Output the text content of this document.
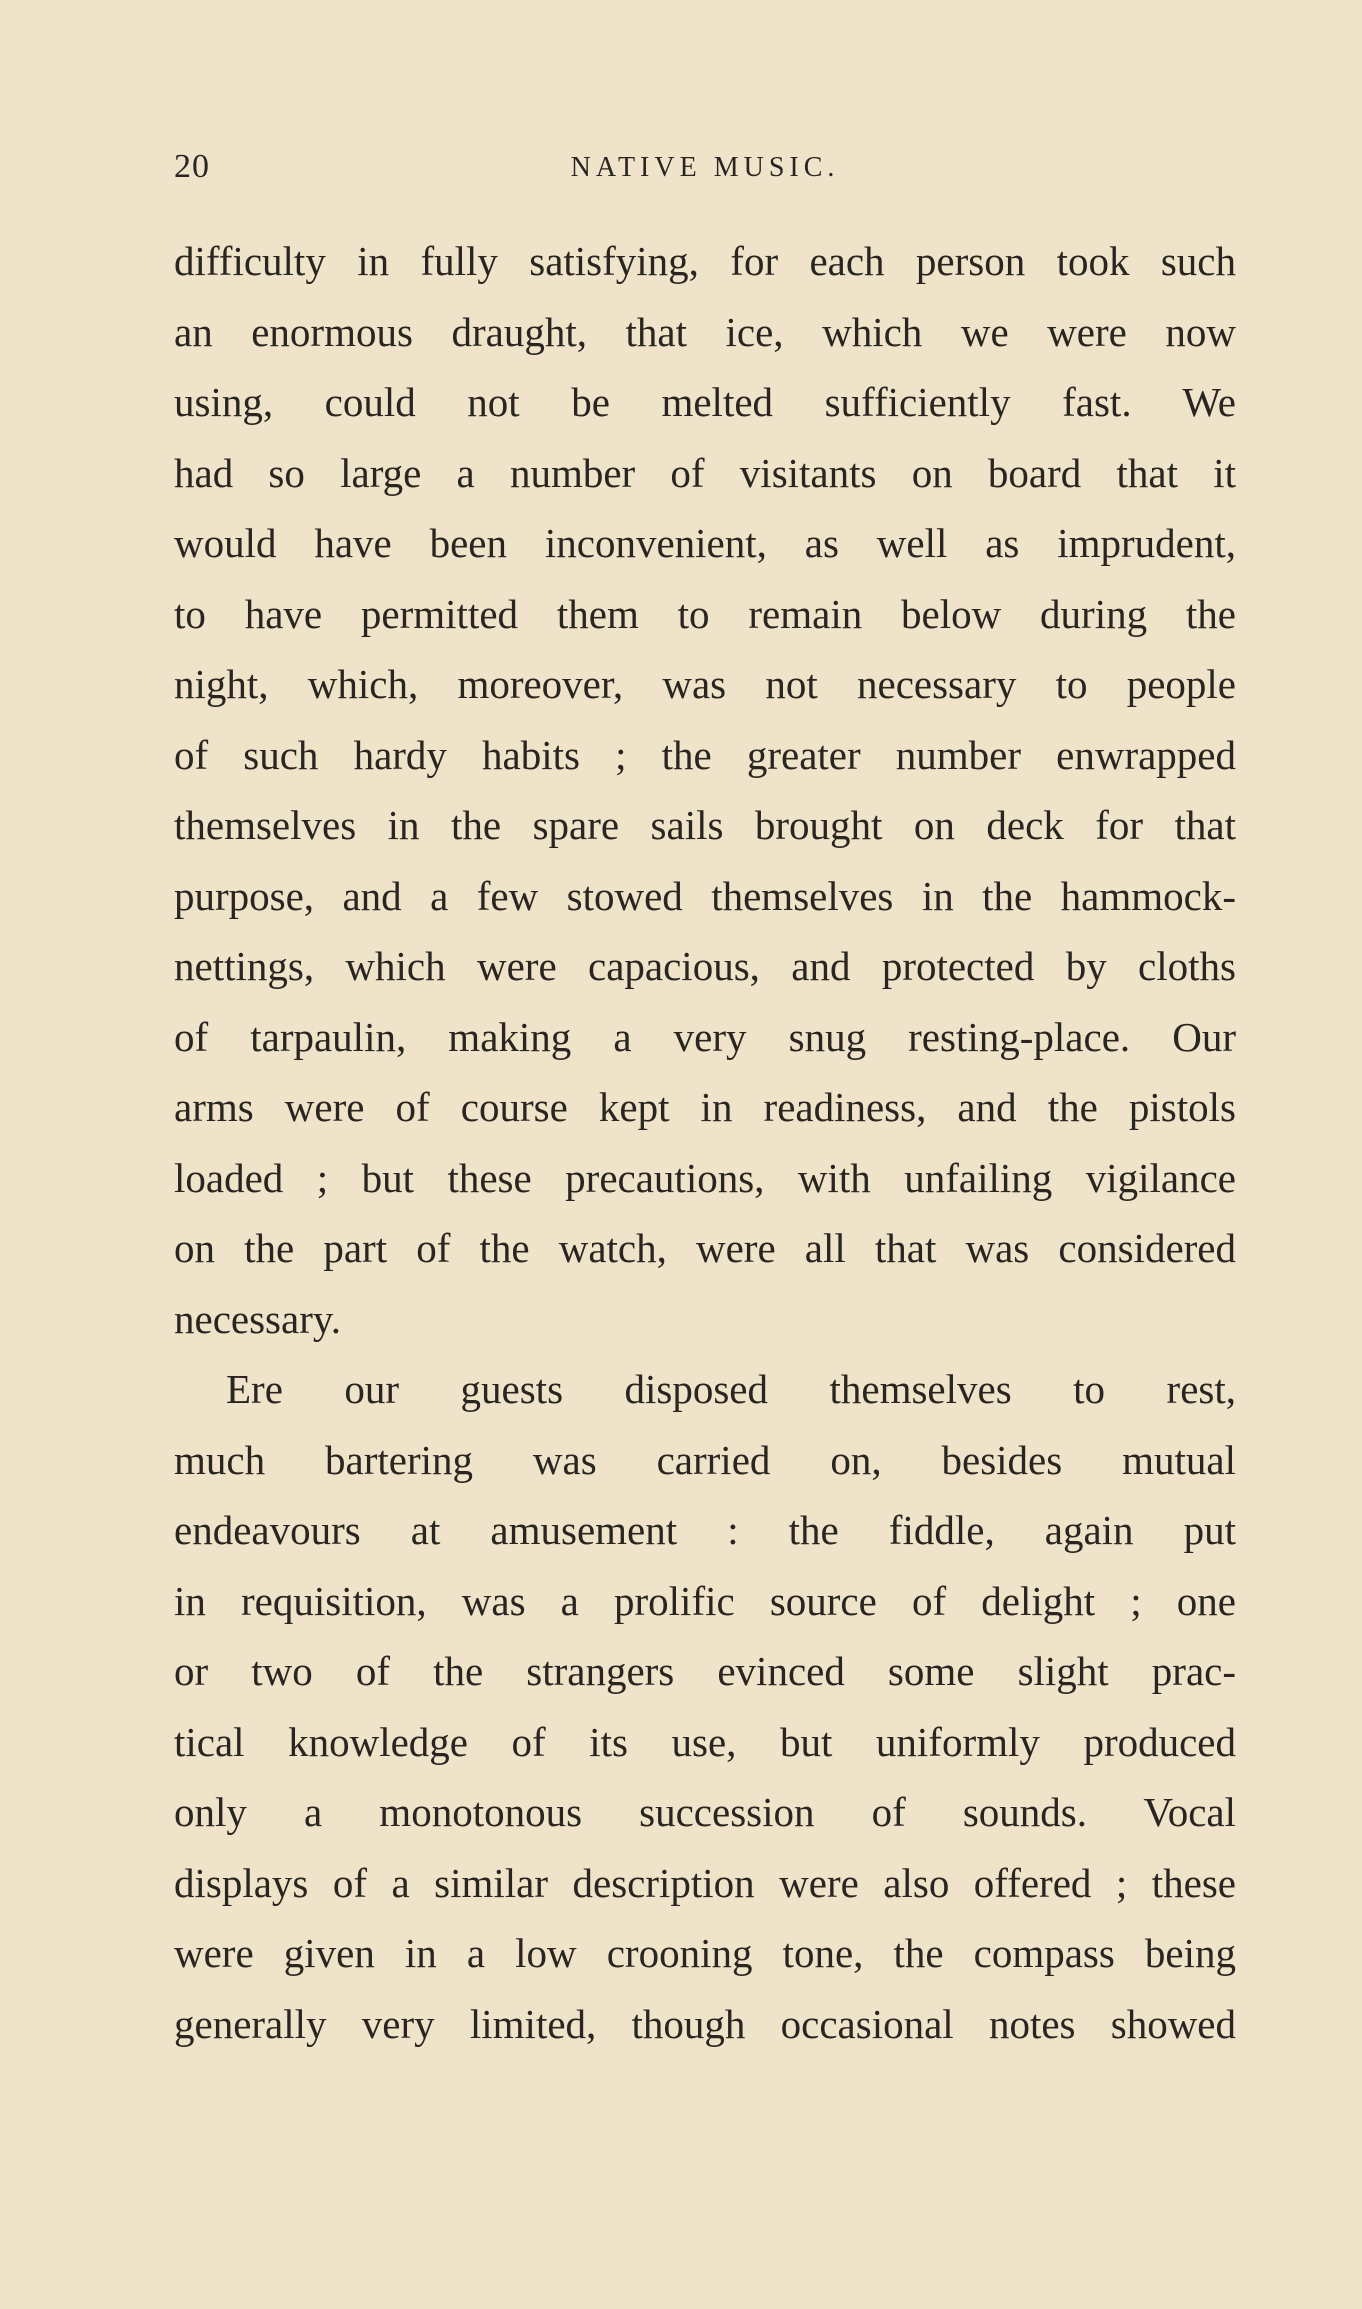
20	NATIVE MUSIC.
difficulty in fully satisfying, for each person took such
an enormous draught, that ice, which we were now
using, could not be melted sufficiently fast. We
had so large a number of visitants on board that it
would have been inconvenient, as well as imprudent,
to have permitted them to remain below during the
night, which, moreover, was not necessary to people
of such hardy habits ; the greater number enwrapped
themselves in the spare sails brought on deck for that
purpose, and a few stowed themselves in the hammock-
nettings, which were capacious, and protected by cloths
of tarpaulin, making a very snug resting-place. Our
arms were of course kept in readiness, and the pistols
loaded ; but these precautions, with unfailing vigilance
on the part of the watch, were all that was considered
necessary.
Ere our guests disposed themselves to rest,
much bartering was carried on, besides mutual
endeavours at amusement : the fiddle, again put
in requisition, was a prolific source of delight ; one
or two of the strangers evinced some slight prac-
tical knowledge of its use, but uniformly produced
only a monotonous succession of sounds. Vocal
displays of a similar description were also offered ; these
were given in a low crooning tone, the compass being
generally very limited, though occasional notes showed
